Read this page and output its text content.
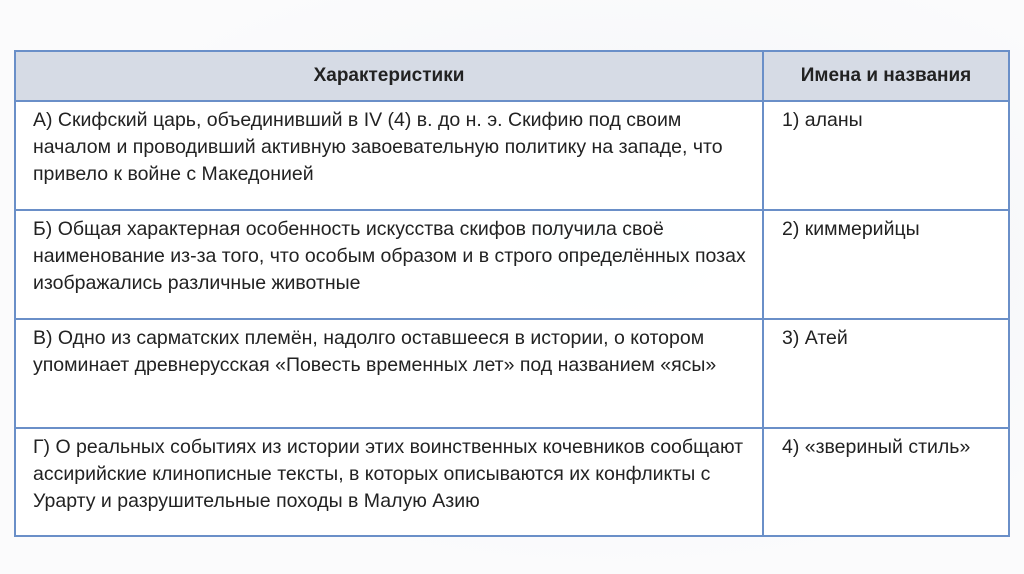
Характеристики	Имена и названия
А) Скифский царь, объединивший в IV (4) в. до н. э. Скифию под своим началом и проводивший активную завоевательную политику на западе, что привело к войне с Македонией	1) аланы
Б) Общая характерная особенность искусства скифов получила своё наименование из-за того, что особым образом и в строго определённых позах изображались различные животные	2) киммерийцы
В) Одно из сарматских племён, надолго оставшееся в истории, о котором упоминает древнерусская «Повесть временных лет» под названием «ясы»	3) Атей
Г) О реальных событиях из истории этих воинственных кочевников сообщают ассирийские клинописные тексты, в которых описываются их конфликты с Урарту и разрушительные походы в Малую Азию	4) «звериный стиль»
